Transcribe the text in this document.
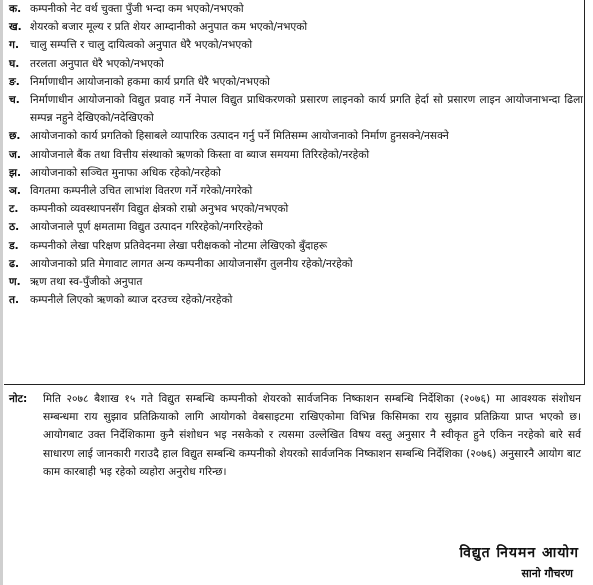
क. कम्पनीको नेट वर्थ चुक्ता पुँजी भन्दा कम भएको/नभएको
ख. शेयरको बजार मूल्य र प्रति शेयर आम्दानीको अनुपात कम भएको/नभएको
ग. चालु सम्पत्ति र चालु दायित्वको अनुपात धेरै भएको/नभएको
घ. तरलता अनुपात धेरै भएको/नभएको
ङ. निर्माणाधीन आयोजनाको हकमा कार्य प्रगति धेरै भएको/नभएको
च. निर्माणाधीन आयोजनाको विद्युत प्रवाह गर्ने नेपाल विद्युत प्राधिकरणको प्रसारण लाइनको कार्य प्रगति हेर्दा सो प्रसारण लाइन आयोजनाभन्दा ढिला सम्पन्न नहुने देखिएको/नदेखिएको
छ. आयोजनाको कार्य प्रगतिको हिसाबले व्यापारिक उत्पादन गर्नु पर्ने मितिसम्म आयोजनाको निर्माण हुनसक्ने/नसक्ने
ज. आयोजनाले बैंक तथा वित्तीय संस्थाको ऋणको किस्ता वा ब्याज समयमा तिरिरहेको/नरहेको
झ. आयोजनाको सञ्चित मुनाफा अधिक रहेको/नरहेको
ञ. विगतमा कम्पनीले उचित लाभांश वितरण गर्ने गरेको/नगरेको
ट. कम्पनीको व्यवस्थापनसँग विद्युत क्षेत्रको राम्रो अनुभव भएको/नभएको
ठ. आयोजनाले पूर्ण क्षमतामा विद्युत उत्पादन गरिरहेको/नगरिरहेको
ड. कम्पनीको लेखा परिक्षण प्रतिवेदनमा लेखा परीक्षकको नोटमा लेखिएको बुँदाहरू
ढ. आयोजनाको प्रति मेगावाट लागत अन्य कम्पनीका आयोजनासँग तुलनीय रहेको/नरहेको
ण. ऋण तथा स्व-पुँजीको अनुपात
त. कम्पनीले लिएको ऋणको ब्याज दरउच्च रहेको/नरहेको
नोट:	मिति २०७८ बैशाख १५ गते विद्युत सम्बन्धि कम्पनीको शेयरको सार्वजनिक निष्काशन सम्बन्धि निर्देशिका (२०७६) मा आवश्यक संशोधन सम्बन्धमा राय सुझाव प्रतिक्रियाको लागि आयोगको वेबसाइटमा राखिएकोमा विभिन्न किसिमका राय सुझाव प्रतिक्रिया प्राप्त भएको छ। आयोगबाट उक्त निर्देशिकामा कुनै संशोधन भइ नसकेको र त्यसमा उल्लेखित विषय वस्तु अनुसार नै स्वीकृत हुने एकिन नरहेको बारे सर्व साधारण लाई जानकारी गराउदै हाल विद्युत सम्बन्धि कम्पनीको शेयरको सार्वजनिक निष्काशन सम्बन्धि निर्देशिका (२०७६) अनुसारनै आयोग बाट काम कारबाही भइ रहेको व्यहोरा अनुरोध गरिन्छ।
विद्युत नियमन आयोग
सानो गौचरण
